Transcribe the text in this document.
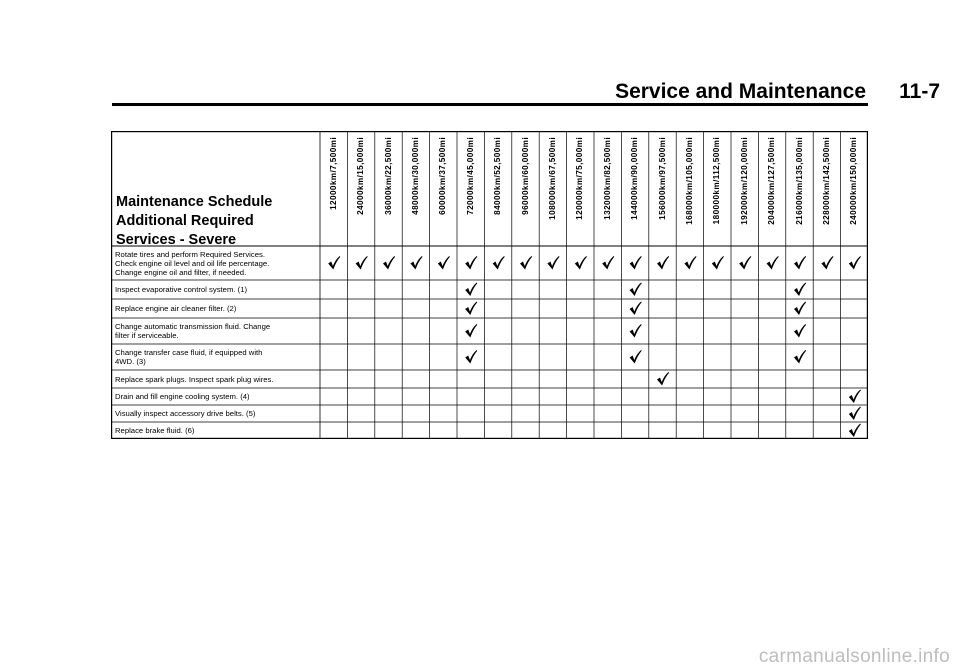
Service and Maintenance 11-7
Maintenance Schedule
Additional Required
Services - Severe
12000km/7,500mi 24000km/15,000mi 36000km/22,500mi 48000km/30,000mi 60000km/37,500mi 72000km/45,000mi 84000km/52,500mi 96000km/60,000mi 108000km/67,500mi 120000km/75,000mi 132000km/82,500mi 144000km/90,000mi 156000km/97,500mi 168000km/105,000mi 180000km/112,500mi 192000km/120,000mi 204000km/127,500mi 216000km/135,000mi 228000km/142,500mi 240000km/150,000mi
Rotate tires and perform Required Services.
Check engine oil level and oil life percentage.
Change engine oil and filter, if needed.
Inspect evaporative control system. (1)
Replace engine air cleaner filter. (2)
Change automatic transmission fluid. Change
filter if serviceable.
Change transfer case fluid, if equipped with
4WD. (3)
Replace spark plugs. Inspect spark plug wires.
Drain and fill engine cooling system. (4)
Visually inspect accessory drive belts. (5)
Replace brake fluid. (6)
carmanualsonline.info
